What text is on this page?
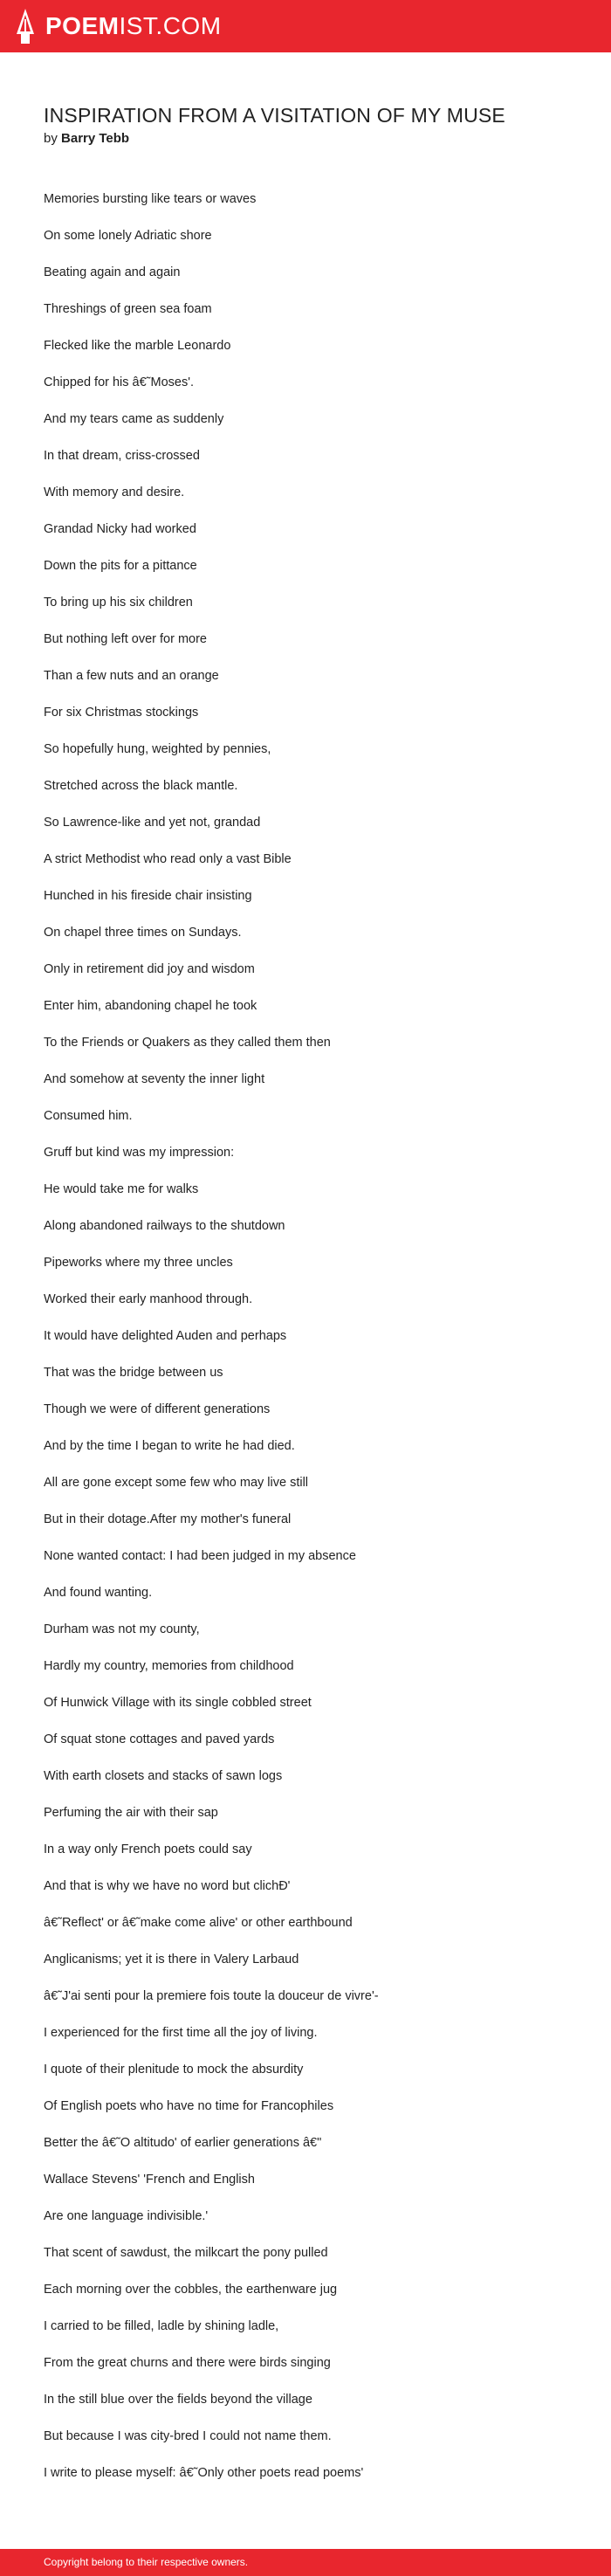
POEMIST.COM
INSPIRATION FROM A VISITATION OF MY MUSE
by Barry Tebb
Memories bursting like tears or waves
On some lonely Adriatic shore
Beating again and again
Threshings of green sea foam
Flecked like the marble Leonardo
Chipped for his â€˜Moses'.
And my tears came as suddenly
In that dream, criss-crossed
With memory and desire.
Grandad Nicky had worked
Down the pits for a pittance
To bring up his six children
But nothing left over for more
Than a few nuts and an orange
For six Christmas stockings
So hopefully hung, weighted by pennies,
Stretched across the black mantle.
So Lawrence-like and yet not, grandad
A strict Methodist who read only a vast Bible
Hunched in his fireside chair insisting
On chapel three times on Sundays.
Only in retirement did joy and wisdom
Enter him, abandoning chapel he took
To the Friends or Quakers as they called them then
And somehow at seventy the inner light
Consumed him.
Gruff but kind was my impression:
He would take me for walks
Along abandoned railways to the shutdown
Pipeworks where my three uncles
Worked their early manhood through.
It would have delighted Auden and perhaps
That was the bridge between us
Though we were of different generations
And by the time I began to write he had died.
All are gone except some few who may live still
But in their dotage.After my mother's funeral
None wanted contact: I had been judged in my absence
And found wanting.
Durham was not my county,
Hardly my country, memories from childhood
Of Hunwick Village with its single cobbled street
Of squat stone cottages and paved yards
With earth closets and stacks of sawn logs
Perfuming the air with their sap
In a way only French poets could say
And that is why we have no word but clichÐ'
â€˜Reflect' or â€˜make come alive' or other earthbound
Anglicanisms; yet it is there in Valery Larbaud
â€˜J'ai senti pour la premiere fois toute la douceur de vivre'-
I experienced for the first time all the joy of living.
I quote of their plenitude to mock the absurdity
Of English poets who have no time for Francophiles
Better the â€˜O altitudo' of earlier generations â€"
Wallace Stevens' 'French and English
Are one language indivisible.'
That scent of sawdust, the milkcart the pony pulled
Each morning over the cobbles, the earthenware jug
I carried to be filled, ladle by shining ladle,
From the great churns and there were birds singing
In the still blue over the fields beyond the village
But because I was city-bred I could not name them.
I write to please myself: â€˜Only other poets read poems'
Copyright belong to their respective owners.
